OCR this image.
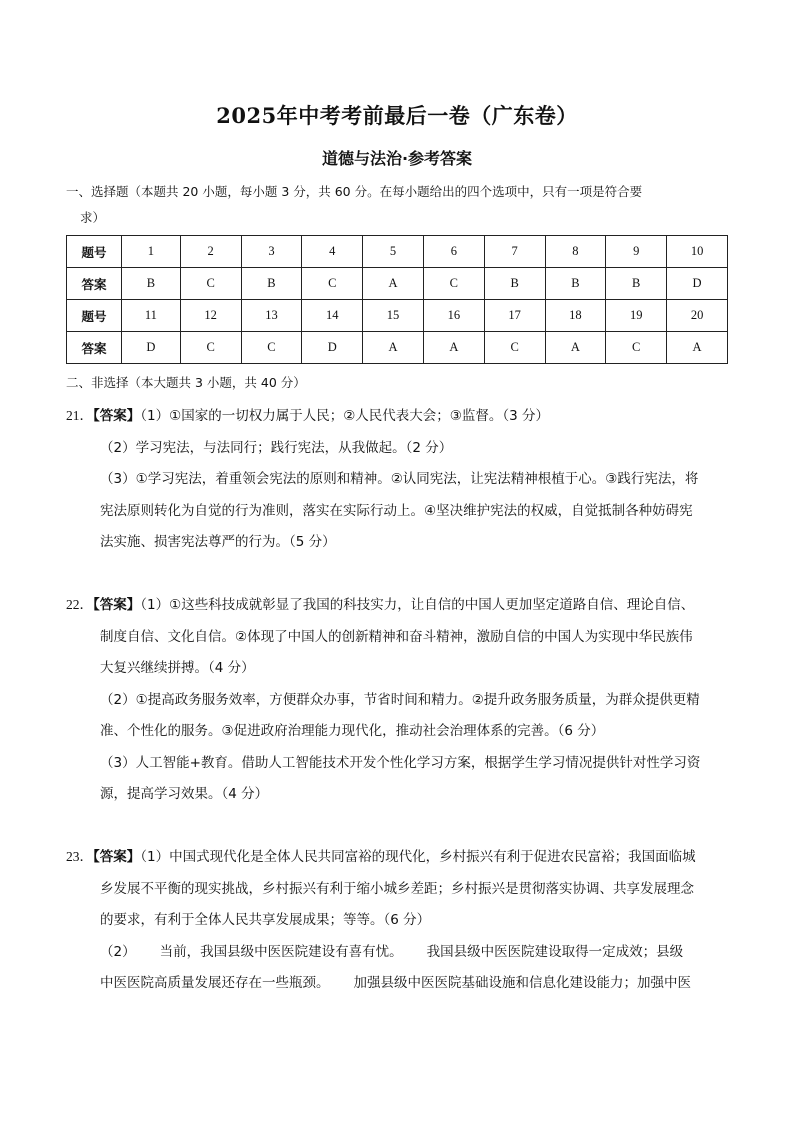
2025年中考考前最后一卷（广东卷）
道德与法治·参考答案
一、选择题（本题共 20 小题，每小题 3 分，共 60 分。在每小题给出的四个选项中，只有一项是符合要
求）
题号	1	2	3	4	5	6	7	8	9	10
答案	B	C	B	C	A	C	B	B	B	D
题号	11	12	13	14	15	16	17	18	19	20
答案	D	C	C	D	A	A	C	A	C	A
二、非选择（本大题共 3 小题，共 40 分）
21．【答案】（1）①国家的一切权力属于人民；②人民代表大会；③监督。（3 分）
（2）学习宪法，与法同行；践行宪法，从我做起。（2 分）
（3）①学习宪法，着重领会宪法的原则和精神。②认同宪法，让宪法精神根植于心。③践行宪法，将
宪法原则转化为自觉的行为准则，落实在实际行动上。④坚决维护宪法的权威，自觉抵制各种妨碍宪
法实施、损害宪法尊严的行为。（5 分）
22．【答案】（1）①这些科技成就彰显了我国的科技实力，让自信的中国人更加坚定道路自信、理论自信、
制度自信、文化自信。②体现了中国人的创新精神和奋斗精神，激励自信的中国人为实现中华民族伟
大复兴继续拼搏。（4 分）
（2）①提高政务服务效率，方便群众办事，节省时间和精力。②提升政务服务质量，为群众提供更精
准、个性化的服务。③促进政府治理能力现代化，推动社会治理体系的完善。（6 分）
（3）人工智能+教育。借助人工智能技术开发个性化学习方案，根据学生学习情况提供针对性学习资
源，提高学习效果。（4 分）
23．【答案】（1）中国式现代化是全体人民共同富裕的现代化，乡村振兴有利于促进农民富裕；我国面临城
乡发展不平衡的现实挑战，乡村振兴有利于缩小城乡差距；乡村振兴是贯彻落实协调、共享发展理念
的要求，有利于全体人民共享发展成果；等等。（6 分）
（2） 当前，我国县级中医医院建设有喜有忧。 我国县级中医医院建设取得一定成效；县级
中医医院高质量发展还存在一些瓶颈。 加强县级中医医院基础设施和信息化建设能力；加强中医
